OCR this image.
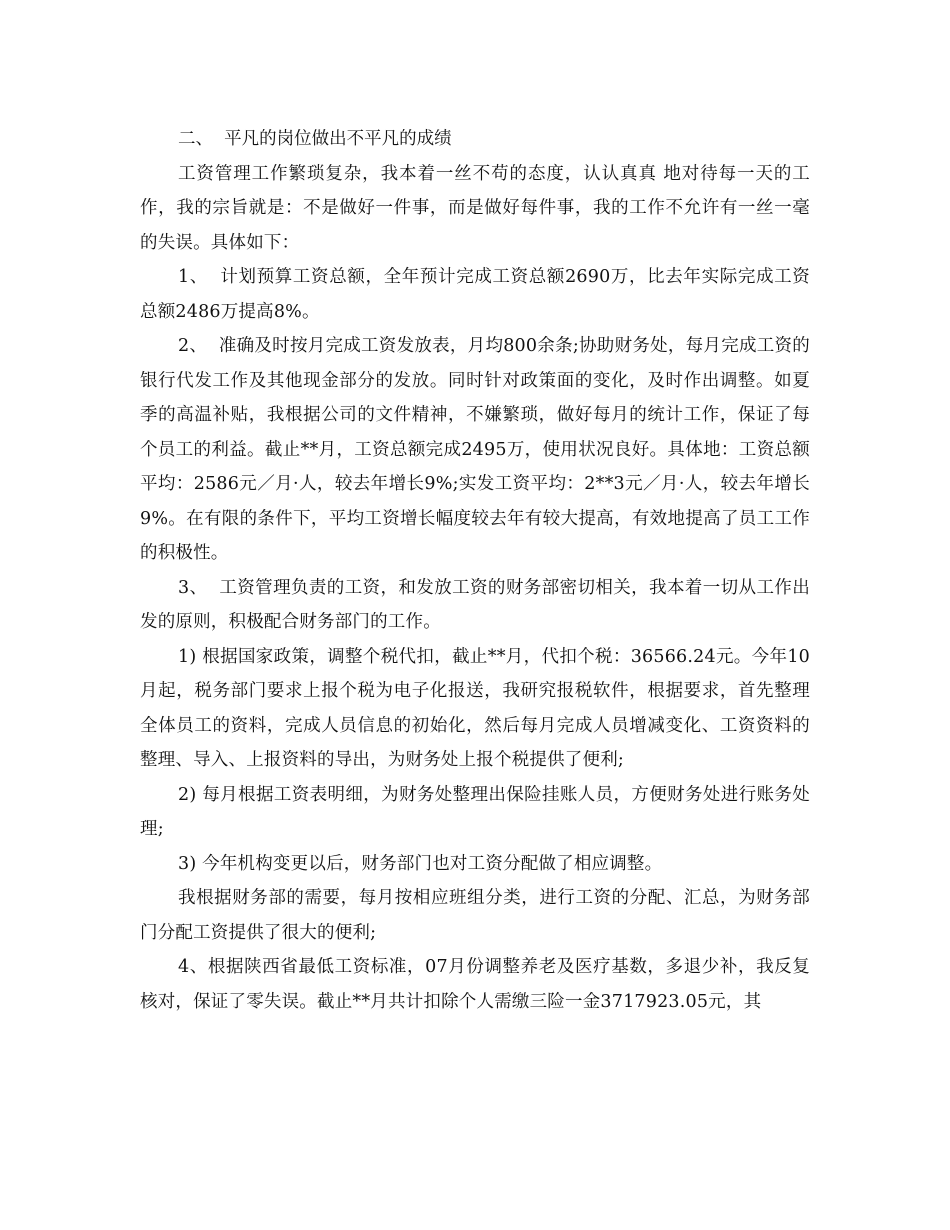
二、  平凡的岗位做出不平凡的成绩

工资管理工作繁琐复杂，我本着一丝不苟的态度，认认真真 地对待每一天的工作，我的宗旨就是：不是做好一件事，而是做好每件事，我的工作不允许有一丝一毫的失误。具体如下：

1、  计划预算工资总额，全年预计完成工资总额2690万，比去年实际完成工资总额2486万提高8%。

2、  准确及时按月完成工资发放表，月均800余条;协助财务处，每月完成工资的银行代发工作及其他现金部分的发放。同时针对政策面的变化，及时作出调整。如夏季的高温补贴，我根据公司的文件精神，不嫌繁琐，做好每月的统计工作，保证了每个员工的利益。截止**月，工资总额完成2495万，使用状况良好。具体地：工资总额平均：2586元／月·人，较去年增长9%;实发工资平均：2**3元／月·人，较去年增长9%。在有限的条件下，平均工资增长幅度较去年有较大提高，有效地提高了员工工作的积极性。

3、  工资管理负责的工资，和发放工资的财务部密切相关，我本着一切从工作出发的原则，积极配合财务部门的工作。

1) 根据国家政策，调整个税代扣，截止**月，代扣个税：36566.24元。今年10月起，税务部门要求上报个税为电子化报送，我研究报税软件，根据要求，首先整理全体员工的资料，完成人员信息的初始化，然后每月完成人员增减变化、工资资料的整理、导入、上报资料的导出，为财务处上报个税提供了便利;

2) 每月根据工资表明细，为财务处整理出保险挂账人员，方便财务处进行账务处理;

3) 今年机构变更以后，财务部门也对工资分配做了相应调整。

我根据财务部的需要，每月按相应班组分类，进行工资的分配、汇总，为财务部门分配工资提供了很大的便利;

4、根据陕西省最低工资标准，07月份调整养老及医疗基数，多退少补，我反复核对，保证了零失误。截止**月共计扣除个人需缴三险一金3717923.05元，其
